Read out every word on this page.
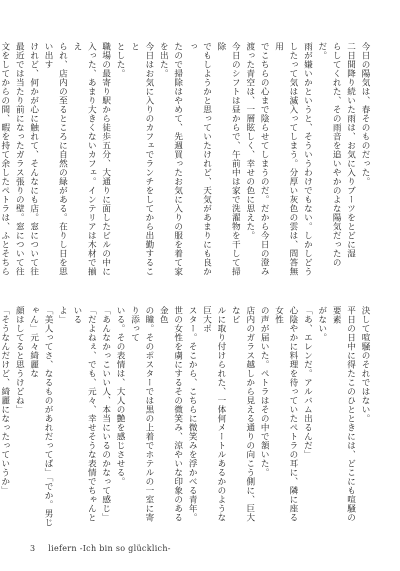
今日の陽気は、春そのものだった。
二日間降り続いた雨は、お気に入りブーツをとどに湿
らしてくれた、その雨音を追いやかのよな陽気だったの
だ。
雨が嫌いかというと、そういうわけでもない。しかしどう
したって気は滅入ってしまう。分厚い灰色の雲は、問答無用
でこちらの心まで陰らせてしまうのだ。だから今日の澄み
渡った青空は、一層眩しく、幸せの色に思えた。
今日のシフトは昼からで、午前中は家で洗濯物を干して掃除
でもしようかと思っていたけれど、天気があまりにも良かっ
たので掃除はやめて、先週買ったお気に入りの服を着て家を出た。
今日はお気に入りのカフェでランチをしてから出勤すること
とした。
職場の最寄り駅から徒歩五分、大通りに面したビルの中に
入った、あまり大きくないカフェ。インテリアは木材で揃え
られ、店内の至るところに自然の緑がある。在りし日を思い出す
けれど、何かが心に触れて、そんなにも店。窓について往
最近では当たり前になったガラス張りの壁。窓について往
文をしてからの間、暇を持て余したペトラは、ふとそちら
決して喧騒のそれではない。
平日の日中に得たこのひとときには、どこにも喧騒の要素
がない。
「あ、エレンだ。アルバム出るんだ」
心陰やかに料理を待っていたペトラの耳に、隣に座る女性
の声が届いた。ペトラはその中で頷いた。
店内のガラス越しから見える通りの向こう側に、巨大なビ
ルに取り付けられた、一体何メートルあるかのような巨大ポ
スター。そこから、こちらに微笑みを浮かべる青年。
世の女性を虜にするその微笑み、涼やいな印象のある金色
の瞳。そのポスターでは黒の上着でホテルの一室に寄り添って
いる。その表情は、大人の艶を感じさせる。
「あんなかっこいい人、本当にいるのかなって感じ」
「だよねぇ、でも、元々、幸せそうな表情でちゃんといる
よ」
「美人ってさ、なるものがあれだってば」「でか。男じゃん」元々綺麗な
顔はしてると思うけどね」
「そうなんだけど、綺麗になったっていうか」
3 liefern -Ich bin so glücklich-
